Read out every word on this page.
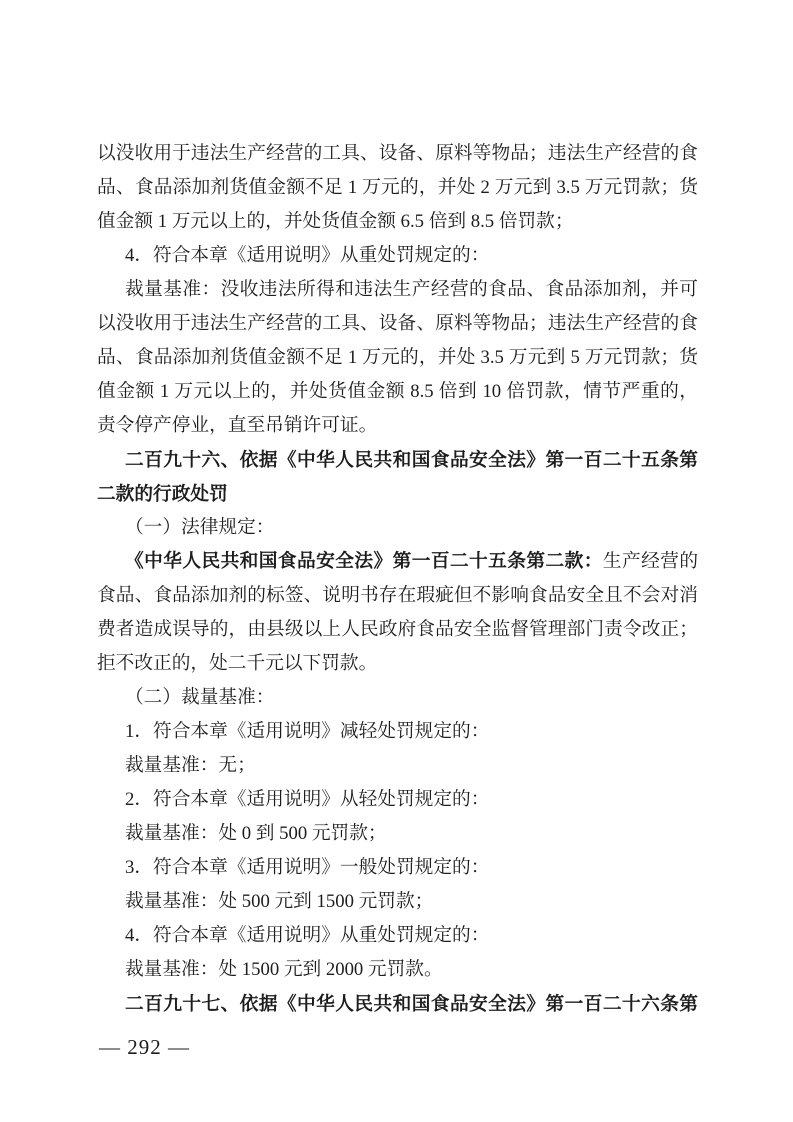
以没收用于违法生产经营的工具、设备、原料等物品；违法生产经营的食品、食品添加剂货值金额不足 1 万元的，并处 2 万元到 3.5 万元罚款；货值金额 1 万元以上的，并处货值金额 6.5 倍到 8.5 倍罚款；

4．符合本章《适用说明》从重处罚规定的：

裁量基准：没收违法所得和违法生产经营的食品、食品添加剂，并可以没收用于违法生产经营的工具、设备、原料等物品；违法生产经营的食品、食品添加剂货值金额不足 1 万元的，并处 3.5 万元到 5 万元罚款；货值金额 1 万元以上的，并处货值金额 8.5 倍到 10 倍罚款，情节严重的，责令停产停业，直至吊销许可证。

二百九十六、依据《中华人民共和国食品安全法》第一百二十五条第二款的行政处罚

（一）法律规定：

《中华人民共和国食品安全法》第一百二十五条第二款：生产经营的食品、食品添加剂的标签、说明书存在瑕疵但不影响食品安全且不会对消费者造成误导的，由县级以上人民政府食品安全监督管理部门责令改正；拒不改正的，处二千元以下罚款。

（二）裁量基准：

1．符合本章《适用说明》减轻处罚规定的：

裁量基准：无；

2．符合本章《适用说明》从轻处罚规定的：

裁量基准：处 0 到 500 元罚款；

3．符合本章《适用说明》一般处罚规定的：

裁量基准：处 500 元到 1500 元罚款；

4．符合本章《适用说明》从重处罚规定的：

裁量基准：处 1500 元到 2000 元罚款。

二百九十七、依据《中华人民共和国食品安全法》第一百二十六条第

— 292 —
